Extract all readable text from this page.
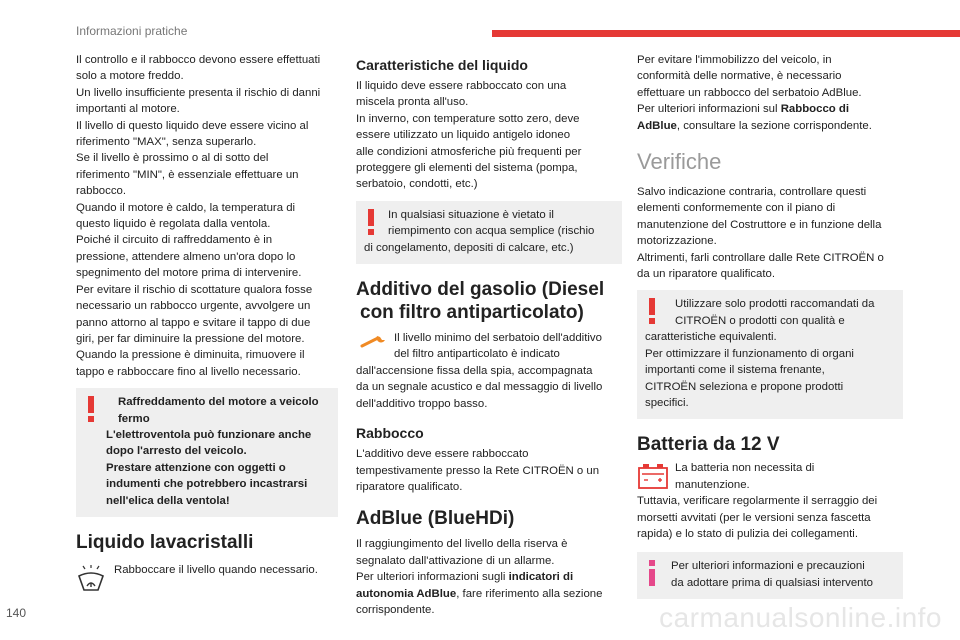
Informazioni pratiche
140	carmanualsonline.info

Il controllo e il rabbocco devono essere effettuati
solo a motore freddo.
Un livello insufficiente presenta il rischio di danni
importanti al motore.
Il livello di questo liquido deve essere vicino al
riferimento "MAX", senza superarlo.
Se il livello è prossimo o al di sotto del
riferimento "MIN", è essenziale effettuare un
rabbocco.
Quando il motore è caldo, la temperatura di
questo liquido è regolata dalla ventola.
Poiché il circuito di raffreddamento è in
pressione, attendere almeno un'ora dopo lo
spegnimento del motore prima di intervenire.
Per evitare il rischio di scottature qualora fosse
necessario un rabbocco urgente, avvolgere un
panno attorno al tappo e svitare il tappo di due
giri, per far diminuire la pressione del motore.
Quando la pressione è diminuita, rimuovere il
tappo e rabboccare fino al livello necessario.

Raffreddamento del motore a veicolo
fermo
L'elettroventola può funzionare anche
dopo l'arresto del veicolo.
Prestare attenzione con oggetti o
indumenti che potrebbero incastrarsi
nell'elica della ventola!
Liquido lavacristalli
Rabboccare il livello quando necessario.
Caratteristiche del liquido

Il liquido deve essere rabboccato con una
miscela pronta all'uso.
In inverno, con temperature sotto zero, deve
essere utilizzato un liquido antigelo idoneo
alle condizioni atmosferiche più frequenti per
proteggere gli elementi del sistema (pompa,
serbatoio, condotti, etc.)

In qualsiasi situazione è vietato il
riempimento con acqua semplice (rischio
di congelamento, depositi di calcare, etc.)
Additivo del gasolio (Diesel
con filtro antiparticolato)
Il livello minimo del serbatoio dell'additivo
del filtro antiparticolato è indicato
dall'accensione fissa della spia, accompagnata
da un segnale acustico e dal messaggio di livello
dell'additivo troppo basso.
Rabbocco

L'additivo deve essere rabboccato
tempestivamente presso la Rete CITROËN o un
riparatore qualificato.

AdBlue (BlueHDi)

Il raggiungimento del livello della riserva è
segnalato dall'attivazione di un allarme.
Per ulteriori informazioni sugli indicatori di
autonomia AdBlue, fare riferimento alla sezione
corrispondente.

Per evitare l'immobilizzo del veicolo, in
conformità delle normative, è necessario
effettuare un rabbocco del serbatoio AdBlue.
Per ulteriori informazioni sul Rabbocco di
AdBlue, consultare la sezione corrispondente.

Verifiche

Salvo indicazione contraria, controllare questi
elementi conformemente con il piano di
manutenzione del Costruttore e in funzione della
motorizzazione.
Altrimenti, farli controllare dalle Rete CITROËN o
da un riparatore qualificato.

Utilizzare solo prodotti raccomandati da
CITROËN o prodotti con qualità e
caratteristiche equivalenti.
Per ottimizzare il funzionamento di organi
importanti come il sistema frenante,
CITROËN seleziona e propone prodotti
specifici.
Batteria da 12 V
La batteria non necessita di
manutenzione.
Tuttavia, verificare regolarmente il serraggio dei
morsetti avvitati (per le versioni senza fascetta
rapida) e lo stato di pulizia dei collegamenti.
Per ulteriori informazioni e precauzioni
da adottare prima di qualsiasi intervento
